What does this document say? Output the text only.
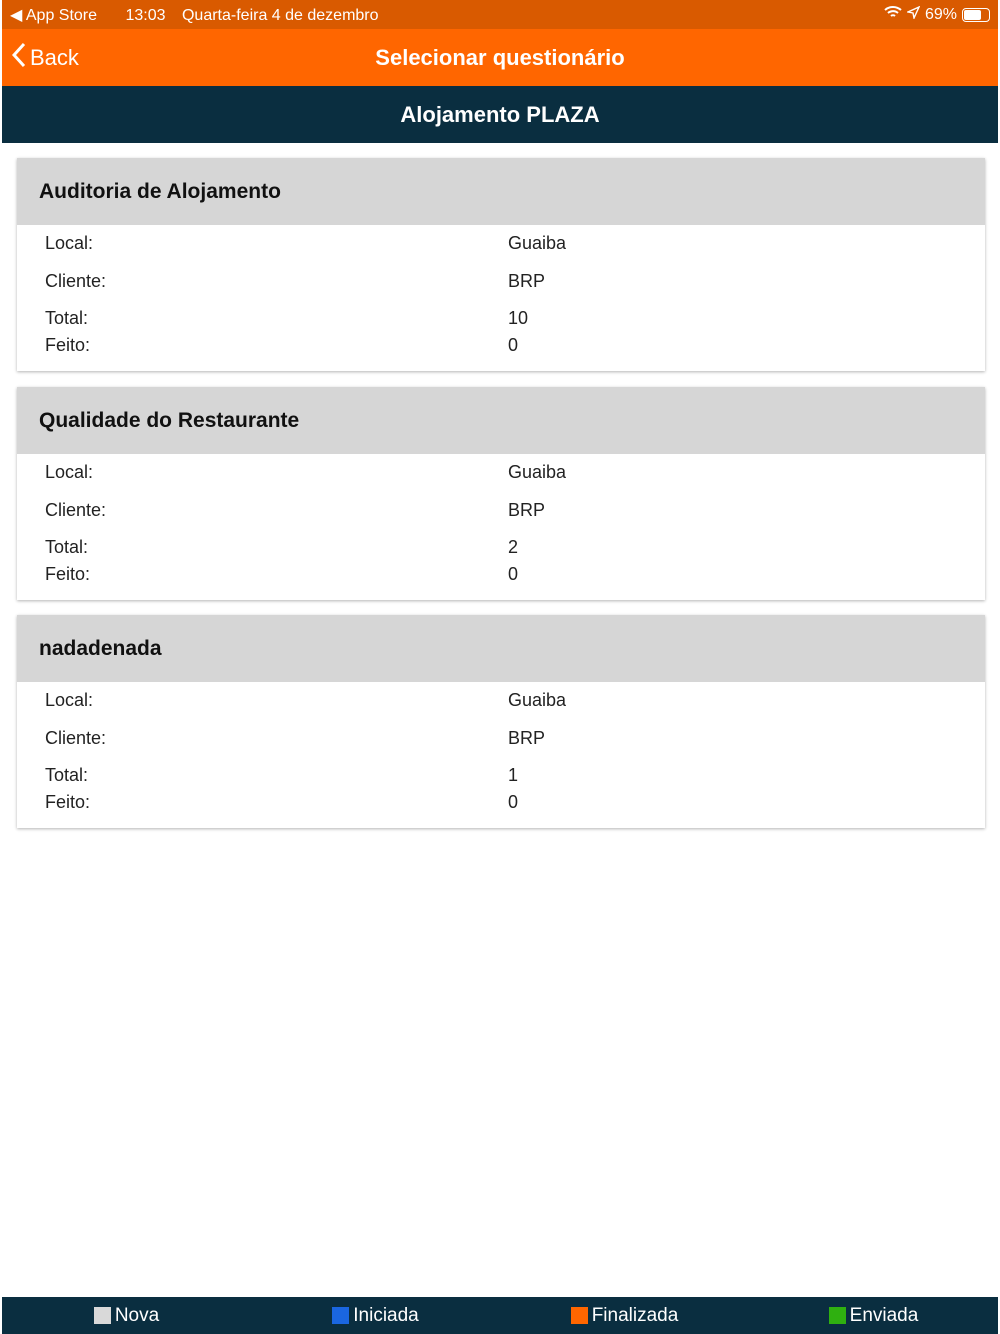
◀ App Store 13:03 Quarta-feira 4 de dezembro	69%
Back	Selecionar questionário
Alojamento PLAZA
Auditoria de Alojamento
Local:	Guaiba
Cliente:	BRP
Total:	10
Feito:	0
Qualidade do Restaurante
Local:	Guaiba
Cliente:	BRP
Total:	2
Feito:	0
nadadenada
Local:	Guaiba
Cliente:	BRP
Total:	1
Feito:	0
Nova	Iniciada	Finalizada	Enviada
